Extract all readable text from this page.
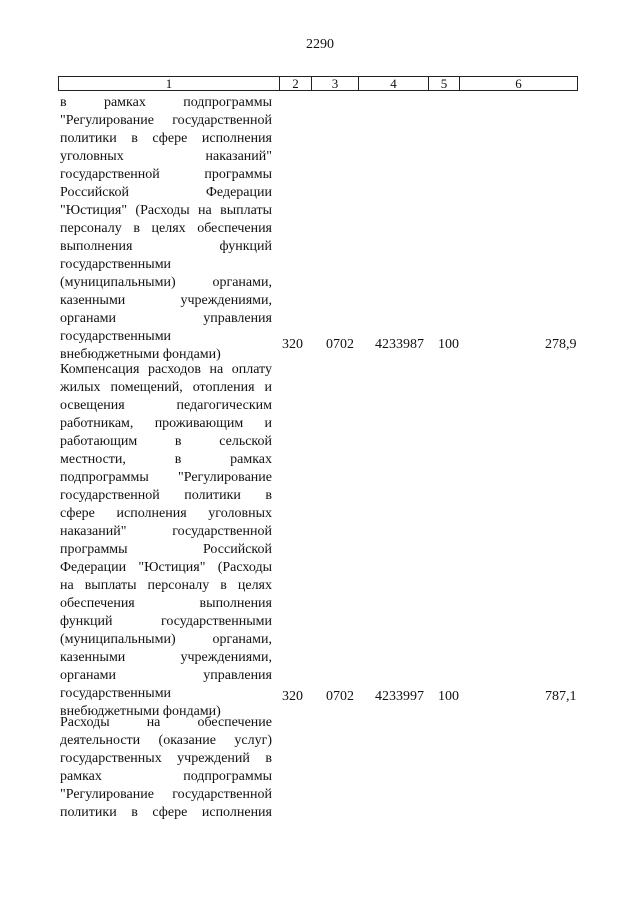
2290
1	2	3	4	5	6
в рамках подпрограммы
"Регулирование государственной
политики в сфере исполнения
уголовных наказаний"
государственной программы
Российской Федерации
"Юстиция" (Расходы на выплаты
персоналу в целях обеспечения
выполнения функций
государственными
(муниципальными) органами,
казенными учреждениями,
органами управления
государственными
внебюджетными фондами)
320 0702 4233987 100	278,9
Компенсация расходов на оплату
жилых помещений, отопления и
освещения педагогическим
работникам, проживающим и
работающим в сельской
местности, в рамках
подпрограммы "Регулирование
государственной политики в
сфере исполнения уголовных
наказаний" государственной
программы Российской
Федерации "Юстиция" (Расходы
на выплаты персоналу в целях
обеспечения выполнения
функций государственными
(муниципальными) органами,
казенными учреждениями,
органами управления
государственными
внебюджетными фондами)
320 0702 4233997 100	787,1
Расходы на обеспечение
деятельности (оказание услуг)
государственных учреждений в
рамках подпрограммы
"Регулирование государственной
политики в сфере исполнения
